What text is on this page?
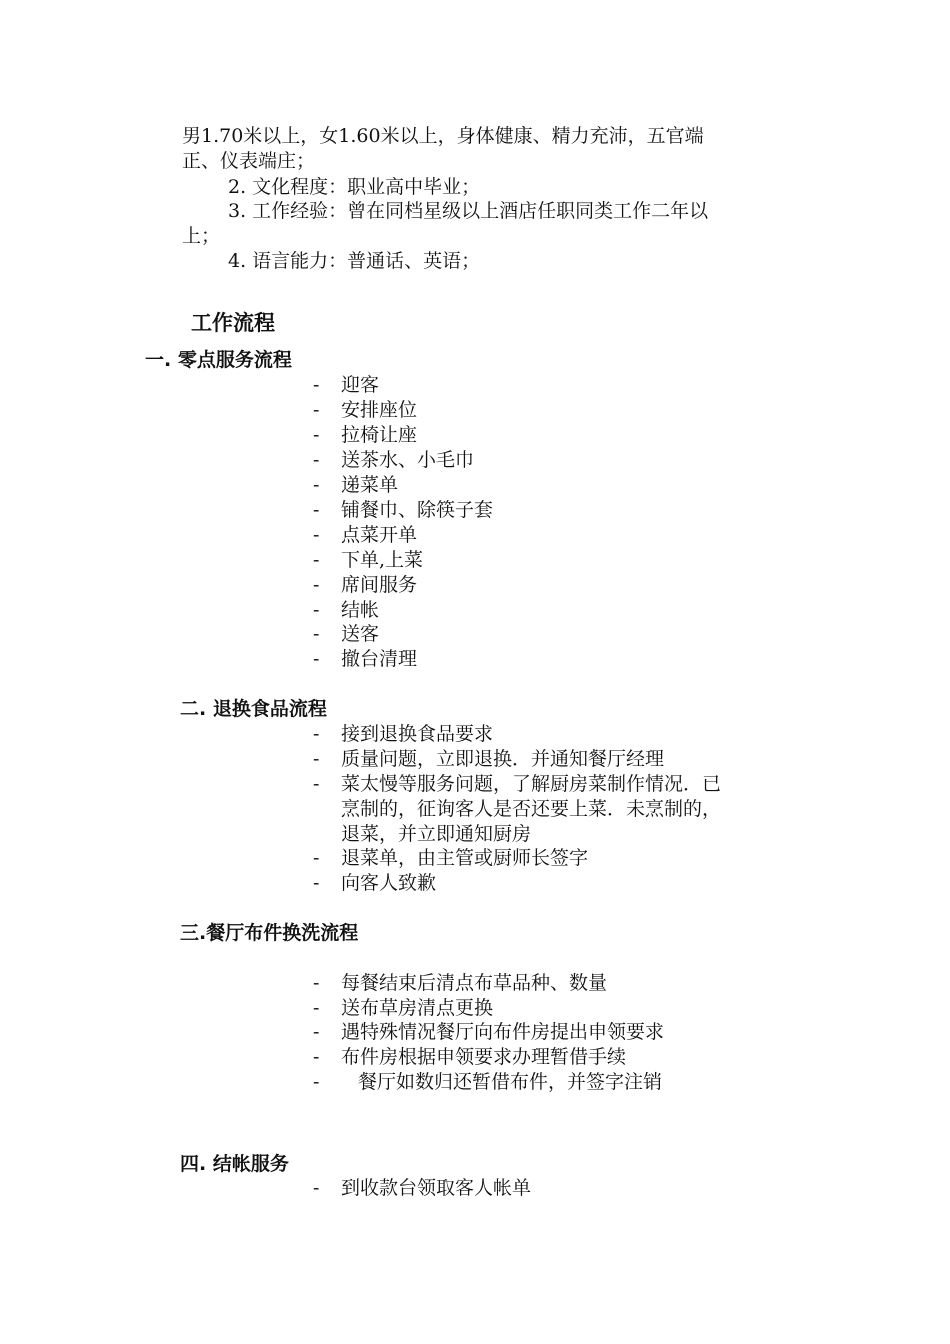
男1.70米以上，女1.60米以上，身体健康、精力充沛，五官端
正、仪表端庄；
2. 文化程度：职业高中毕业；
3. 工作经验：曾在同档星级以上酒店任职同类工作二年以
上；
4. 语言能力：普通话、英语；
工作流程
一. 零点服务流程
- 迎客
- 安排座位
- 拉椅让座
- 送茶水、小毛巾
- 递菜单
- 铺餐巾、除筷子套
- 点菜开单
- 下单,上菜
- 席间服务
- 结帐
- 送客
- 撤台清理
二. 退换食品流程
- 接到退换食品要求
- 质量问题，立即退换．并通知餐厅经理
- 菜太慢等服务问题，了解厨房菜制作情况．已
烹制的，征询客人是否还要上菜．未烹制的，
退菜，并立即通知厨房
- 退菜单，由主管或厨师长签字
- 向客人致歉
三.餐厅布件换洗流程
- 每餐结束后清点布草品种、数量
- 送布草房清点更换
- 遇特殊情况餐厅向布件房提出申领要求
- 布件房根据申领要求办理暂借手续
- 餐厅如数归还暂借布件，并签字注销
四. 结帐服务
- 到收款台领取客人帐单
